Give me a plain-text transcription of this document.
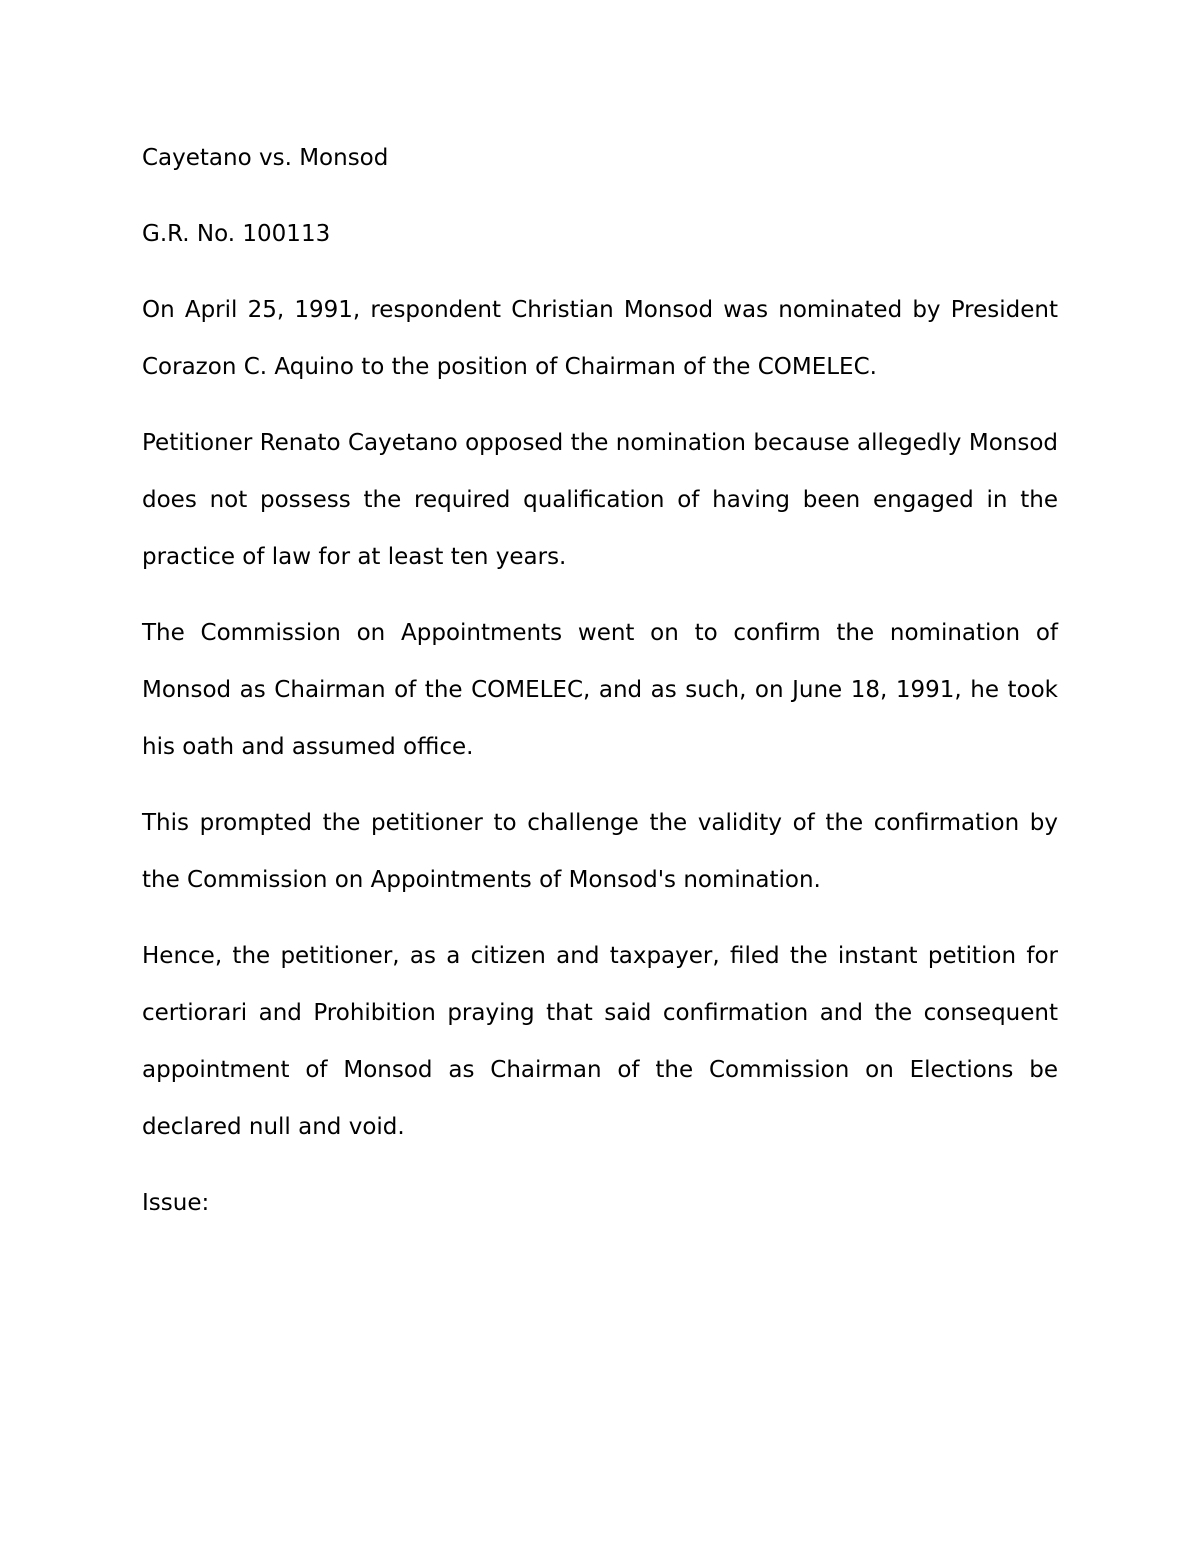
Cayetano vs. Monsod

G.R. No. 100113

On April 25, 1991, respondent Christian Monsod was nominated by President Corazon C. Aquino to the position of Chairman of the COMELEC.

Petitioner Renato Cayetano opposed the nomination because allegedly Monsod does not possess the required qualification of having been engaged in the practice of law for at least ten years.

The Commission on Appointments went on to confirm the nomination of Monsod as Chairman of the COMELEC, and as such, on June 18, 1991, he took his oath and assumed office.

This prompted the petitioner to challenge the validity of the confirmation by the Commission on Appointments of Monsod's nomination.

Hence, the petitioner, as a citizen and taxpayer, filed the instant petition for certiorari and Prohibition praying that said confirmation and the consequent appointment of Monsod as Chairman of the Commission on Elections be declared null and void.

Issue:
